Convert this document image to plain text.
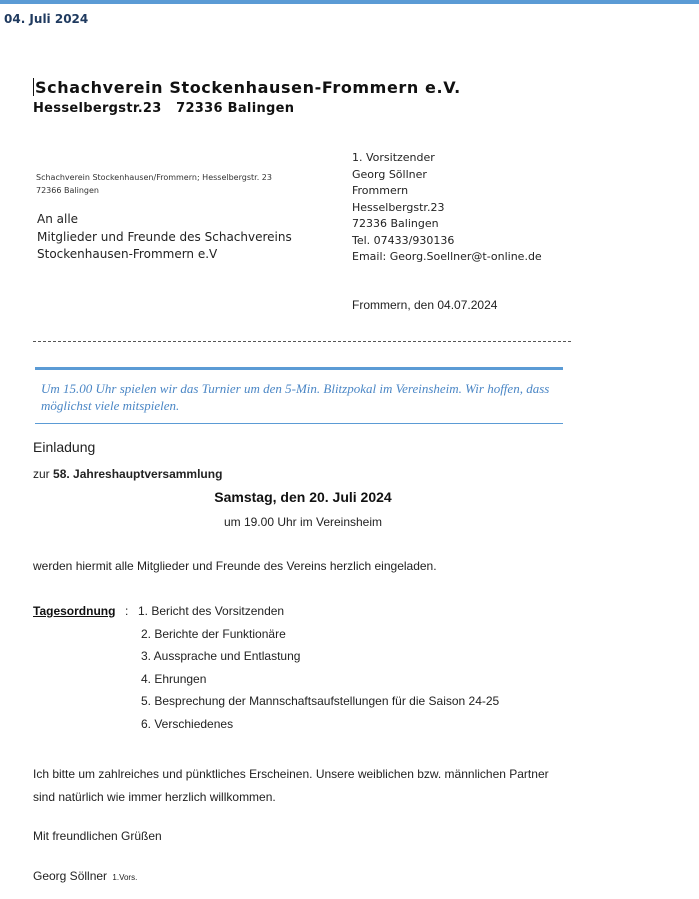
04. Juli 2024
Schachverein Stockenhausen-Frommern e.V.
Hesselbergstr.23   72336 Balingen
Schachverein Stockenhausen/Frommern; Hesselbergstr. 23
72366 Balingen
An alle
Mitglieder und Freunde des Schachvereins
Stockenhausen-Frommern e.V
1. Vorsitzender
Georg Söllner
Frommern
Hesselbergstr.23
72336 Balingen
Tel. 07433/930136
Email: Georg.Soellner@t-online.de
Frommern, den 04.07.2024
Um 15.00 Uhr spielen wir das Turnier um den 5-Min. Blitzpokal im Vereinsheim. Wir hoffen, dass möglichst viele mitspielen.
Einladung
zur 58. Jahreshauptversammlung
Samstag, den 20. Juli 2024
um 19.00 Uhr im Vereinsheim
werden hiermit alle Mitglieder und Freunde des Vereins herzlich eingeladen.
Tagesordnung : 1. Bericht des Vorsitzenden
2. Berichte der Funktionäre
3. Aussprache und Entlastung
4. Ehrungen
5. Besprechung der Mannschaftsaufstellungen für die Saison 24-25
6. Verschiedenes
Ich bitte um zahlreiches und pünktliches Erscheinen. Unsere weiblichen bzw. männlichen Partner sind natürlich wie immer herzlich willkommen.
Mit freundlichen Grüßen
Georg Söllner 1.Vors.
